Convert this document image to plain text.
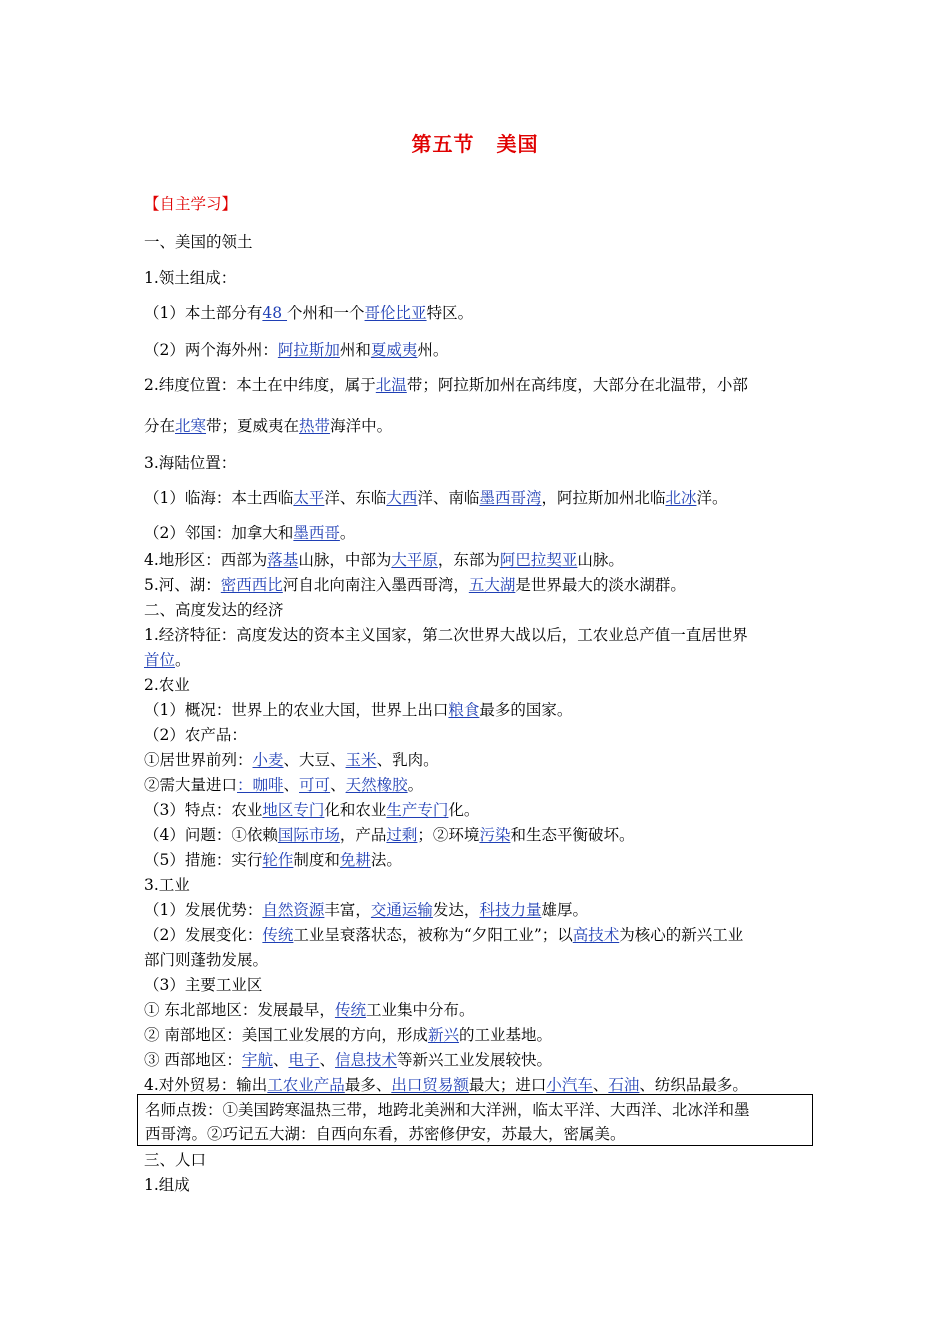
第五节 美国
【自主学习】
一、美国的领土
1.领土组成：
（1）本土部分有48 个州和一个哥伦比亚特区。
（2）两个海外州：阿拉斯加州和夏威夷州。
2.纬度位置：本土在中纬度，属于北温带；阿拉斯加州在高纬度，大部分在北温带，小部
分在北寒带；夏威夷在热带海洋中。
3.海陆位置：
（1）临海：本土西临太平洋、东临大西洋、南临墨西哥湾，阿拉斯加州北临北冰洋。
（2）邻国：加拿大和墨西哥。
4.地形区：西部为落基山脉，中部为大平原，东部为阿巴拉契亚山脉。
5.河、湖：密西西比河自北向南注入墨西哥湾，五大湖是世界最大的淡水湖群。
二、高度发达的经济
1.经济特征：高度发达的资本主义国家，第二次世界大战以后，工农业总产值一直居世界
首位。
2.农业
（1）概况：世界上的农业大国，世界上出口粮食最多的国家。
（2）农产品：
①居世界前列：小麦、大豆、玉米、乳肉。
②需大量进口：咖啡、可可、天然橡胶。
（3）特点：农业地区专门化和农业生产专门化。
（4）问题：①依赖国际市场，产品过剩；②环境污染和生态平衡破坏。
（5）措施：实行轮作制度和免耕法。
3.工业
（1）发展优势：自然资源丰富，交通运输发达，科技力量雄厚。
（2）发展变化：传统工业呈衰落状态，被称为“夕阳工业”；以高技术为核心的新兴工业
部门则蓬勃发展。
（3）主要工业区
① 东北部地区：发展最早，传统工业集中分布。
② 南部地区：美国工业发展的方向，形成新兴的工业基地。
③ 西部地区：宇航、电子、信息技术等新兴工业发展较快。
4.对外贸易：输出工农业产品最多、出口贸易额最大；进口小汽车、石油、纺织品最多。
名师点拨：①美国跨寒温热三带，地跨北美洲和大洋洲，临太平洋、大西洋、北冰洋和墨
西哥湾。②巧记五大湖：自西向东看，苏密修伊安，苏最大，密属美。
三、人口
1.组成
